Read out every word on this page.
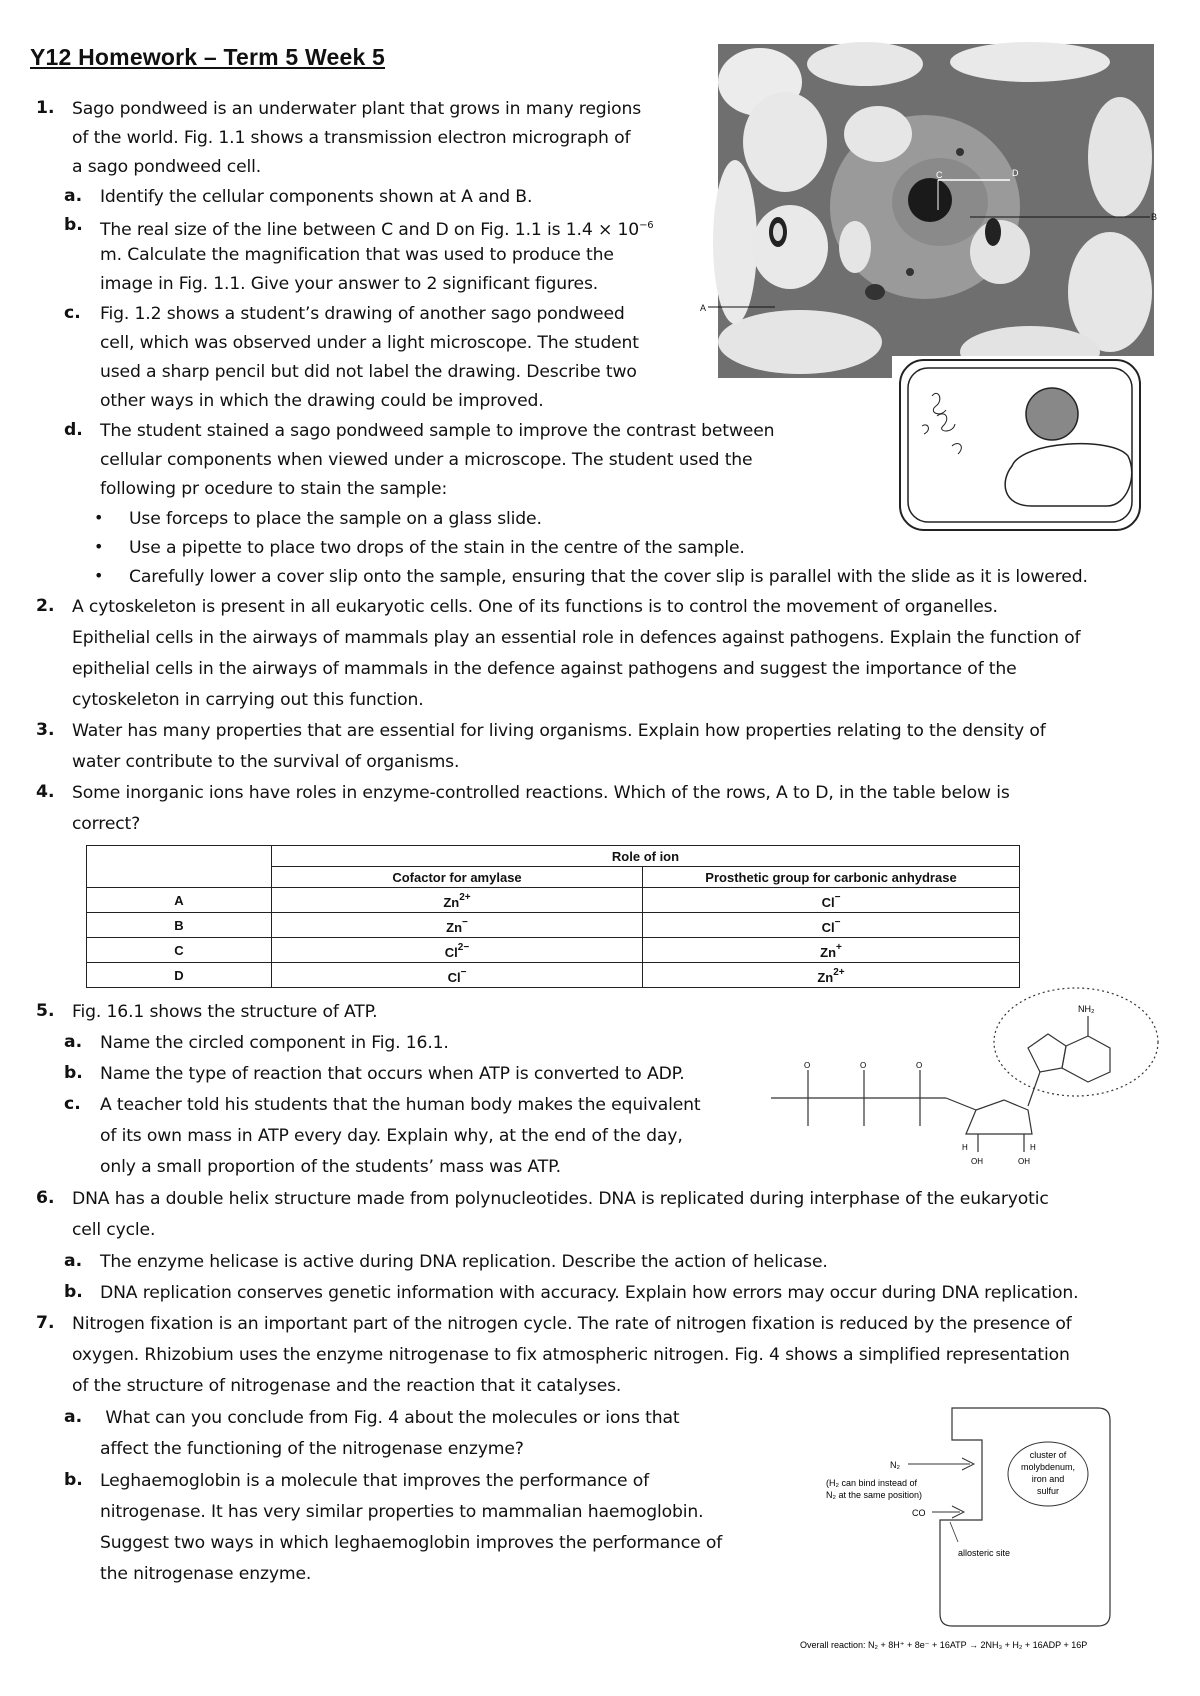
Y12 Homework – Term 5 Week 5
1. Sago pondweed is an underwater plant that grows in many regions
of the world. Fig. 1.1 shows a transmission electron micrograph of
a sago pondweed cell.
a. Identify the cellular components shown at A and B.
b. The real size of the line between C and D on Fig. 1.1 is $1.4 \times 10^{-6}$
m. Calculate the magnification that was used to produce the
image in Fig. 1.1. Give your answer to 2 significant figures.
c. Fig. 1.2 shows a student’s drawing of another sago pondweed
cell, which was observed under a light microscope. The student
used a sharp pencil but did not label the drawing. Describe two
other ways in which the drawing could be improved.
d. The student stained a sago pondweed sample to improve the contrast between
cellular components when viewed under a microscope. The student used the
following pr ocedure to stain the sample:
• Use forceps to place the sample on a glass slide.
• Use a pipette to place two drops of the stain in the centre of the sample.
• Carefully lower a cover slip onto the sample, ensuring that the cover slip is parallel with the slide as it is lowered.
2. A cytoskeleton is present in all eukaryotic cells. One of its functions is to control the movement of organelles.
Epithelial cells in the airways of mammals play an essential role in defences against pathogens. Explain the function of
epithelial cells in the airways of mammals in the defence against pathogens and suggest the importance of the
cytoskeleton in carrying out this function.
3. Water has many properties that are essential for living organisms. Explain how properties relating to the density of
water contribute to the survival of organisms.
4. Some inorganic ions have roles in enzyme-controlled reactions. Which of the rows, A to D, in the table below is
correct?
	Role of ion	
	Cofactor for amylase	Prosthetic group for carbonic anhydrase
A	$Zn^{2+}$	Cl−
B	Zn−	Cl−
C	$Cl^{2-}$	Zn+
D	Cl−	$Zn^{2+}$
5. Fig. 16.1 shows the structure of ATP.
a. Name the circled component in Fig. 16.1.
b. Name the type of reaction that occurs when ATP is converted to ADP.
c. A teacher told his students that the human body makes the equivalent
of its own mass in ATP every day. Explain why, at the end of the day,
only a small proportion of the students’ mass was ATP.
6. DNA has a double helix structure made from polynucleotides. DNA is replicated during interphase of the eukaryotic
cell cycle.
a. The enzyme helicase is active during DNA replication. Describe the action of helicase.
b. DNA replication conserves genetic information with accuracy. Explain how errors may occur during DNA replication.
7. Nitrogen fixation is an important part of the nitrogen cycle. The rate of nitrogen fixation is reduced by the presence of
oxygen. Rhizobium uses the enzyme nitrogenase to fix atmospheric nitrogen. Fig. 4 shows a simplified representation
of the structure of nitrogenase and the reaction that it catalyses.
a. What can you conclude from Fig. 4 about the molecules or ions that
affect the functioning of the nitrogenase enzyme?
b. Leghaemoglobin is a molecule that improves the performance of
nitrogenase. It has very similar properties to mammalian haemoglobin.
Suggest two ways in which leghaemoglobin improves the performance of
the nitrogenase enzyme.
C	D
A
B
NH₂
O	O	O
H	H
OH	OH
cluster of
molybdenum,
iron and
sulfur
N₂
(H₂ can bind instead of
N₂ at the same position)
CO
allosteric site
Overall reaction: N₂ + 8H⁺ + 8e⁻ + 16ATP → 2NH₃ + H₂ + 16ADP + 16P
